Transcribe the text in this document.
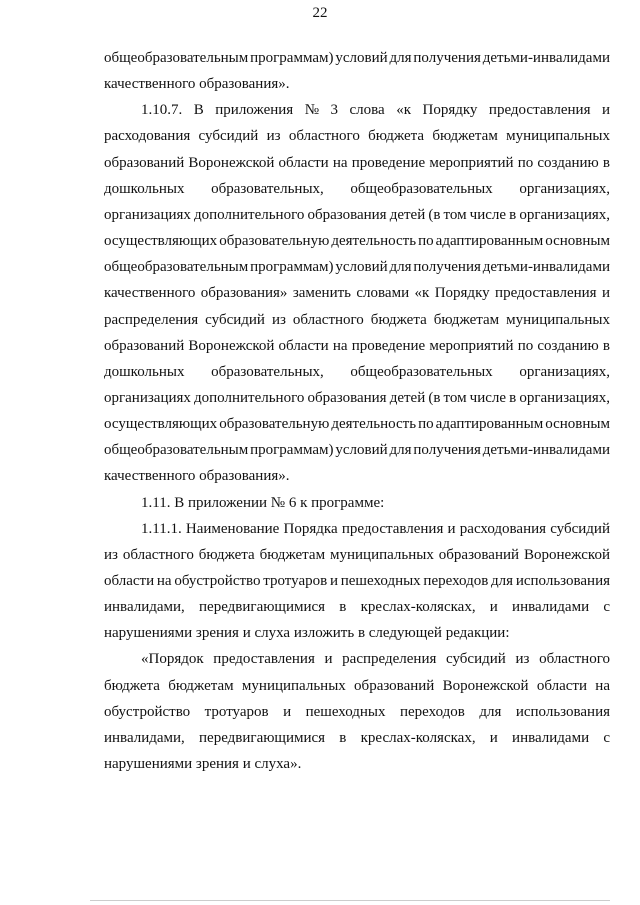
22
общеобразовательным программам) условий для получения детьми-инвалидами
качественного образования».
1.10.7. В приложения № 3 слова «к Порядку предоставления и
расходования субсидий из областного бюджета бюджетам муниципальных
образований Воронежской области на проведение мероприятий по созданию в
дошкольных образовательных, общеобразовательных организациях,
организациях дополнительного образования детей (в том числе в организациях,
осуществляющих образовательную деятельность по адаптированным основным
общеобразовательным программам) условий для получения детьми-инвалидами
качественного образования» заменить словами «к Порядку предоставления и
распределения субсидий из областного бюджета бюджетам муниципальных
образований Воронежской области на проведение мероприятий по созданию в
дошкольных образовательных, общеобразовательных организациях,
организациях дополнительного образования детей (в том числе в организациях,
осуществляющих образовательную деятельность по адаптированным основным
общеобразовательным программам) условий для получения детьми-инвалидами
качественного образования».
1.11. В приложении № 6 к программе:
1.11.1. Наименование Порядка предоставления и расходования субсидий
из областного бюджета бюджетам муниципальных образований Воронежской
области на обустройство тротуаров и пешеходных переходов для использования
инвалидами, передвигающимися в креслах-колясках, и инвалидами с
нарушениями зрения и слуха изложить в следующей редакции:
«Порядок предоставления и распределения субсидий из областного
бюджета бюджетам муниципальных образований Воронежской области на
обустройство тротуаров и пешеходных переходов для использования
инвалидами, передвигающимися в креслах-колясках, и инвалидами с
нарушениями зрения и слуха».
